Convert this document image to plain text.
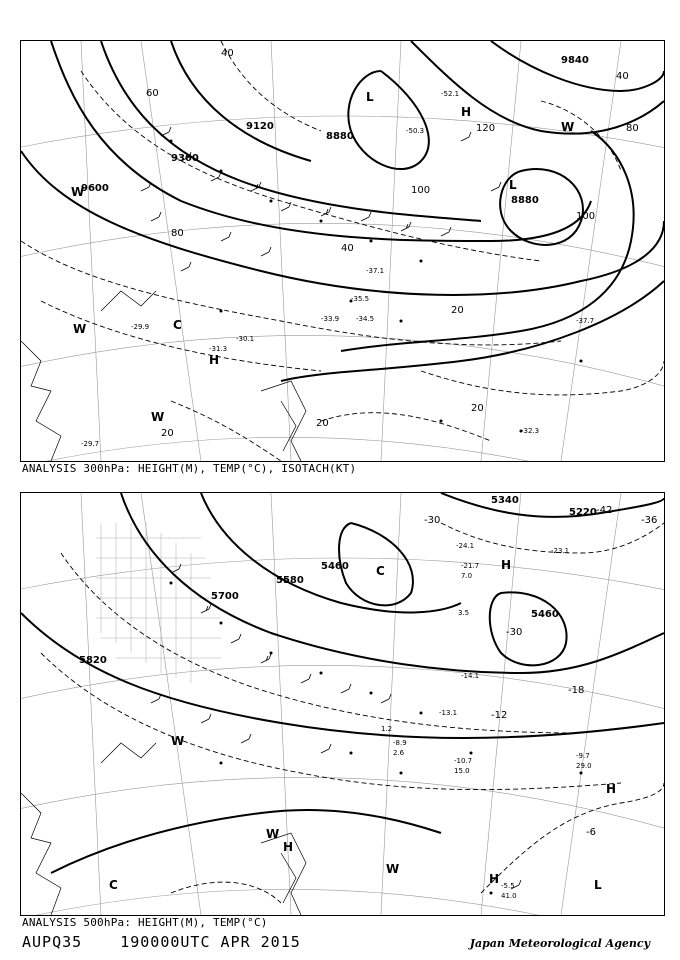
9120
9360
9600
8880
8880
9840
40
60
80
100
120
40
20
20
20
20
40
80
100
H
L
C
W
W
W
H
L
W
-31.3
-35.5
-34.5
-37.1
-32.3
-37.7
-30.1
-29.9
-29.7
-50.3
-52.1
-33.9
ANALYSIS 300hPa: HEIGHT(M), TEMP(°C), ISOTACH(KT)
5340
5220
5580
5700
5460
5820
5460
-30	-36
-42
-30
-18
-12
-6
H
H
H
H	L
C
W
W
W
C	-21.7
-24.1
-10.7
-9.7
-5.5
-8.9
-13.1
-14.1
-23.1
15.0
29.0
41.0
7.0
3.5
1.2
2.6
ANALYSIS 500hPa: HEIGHT(M), TEMP(°C)
AUPQ35	190000UTC APR 2015	Japan Meteorological Agency
